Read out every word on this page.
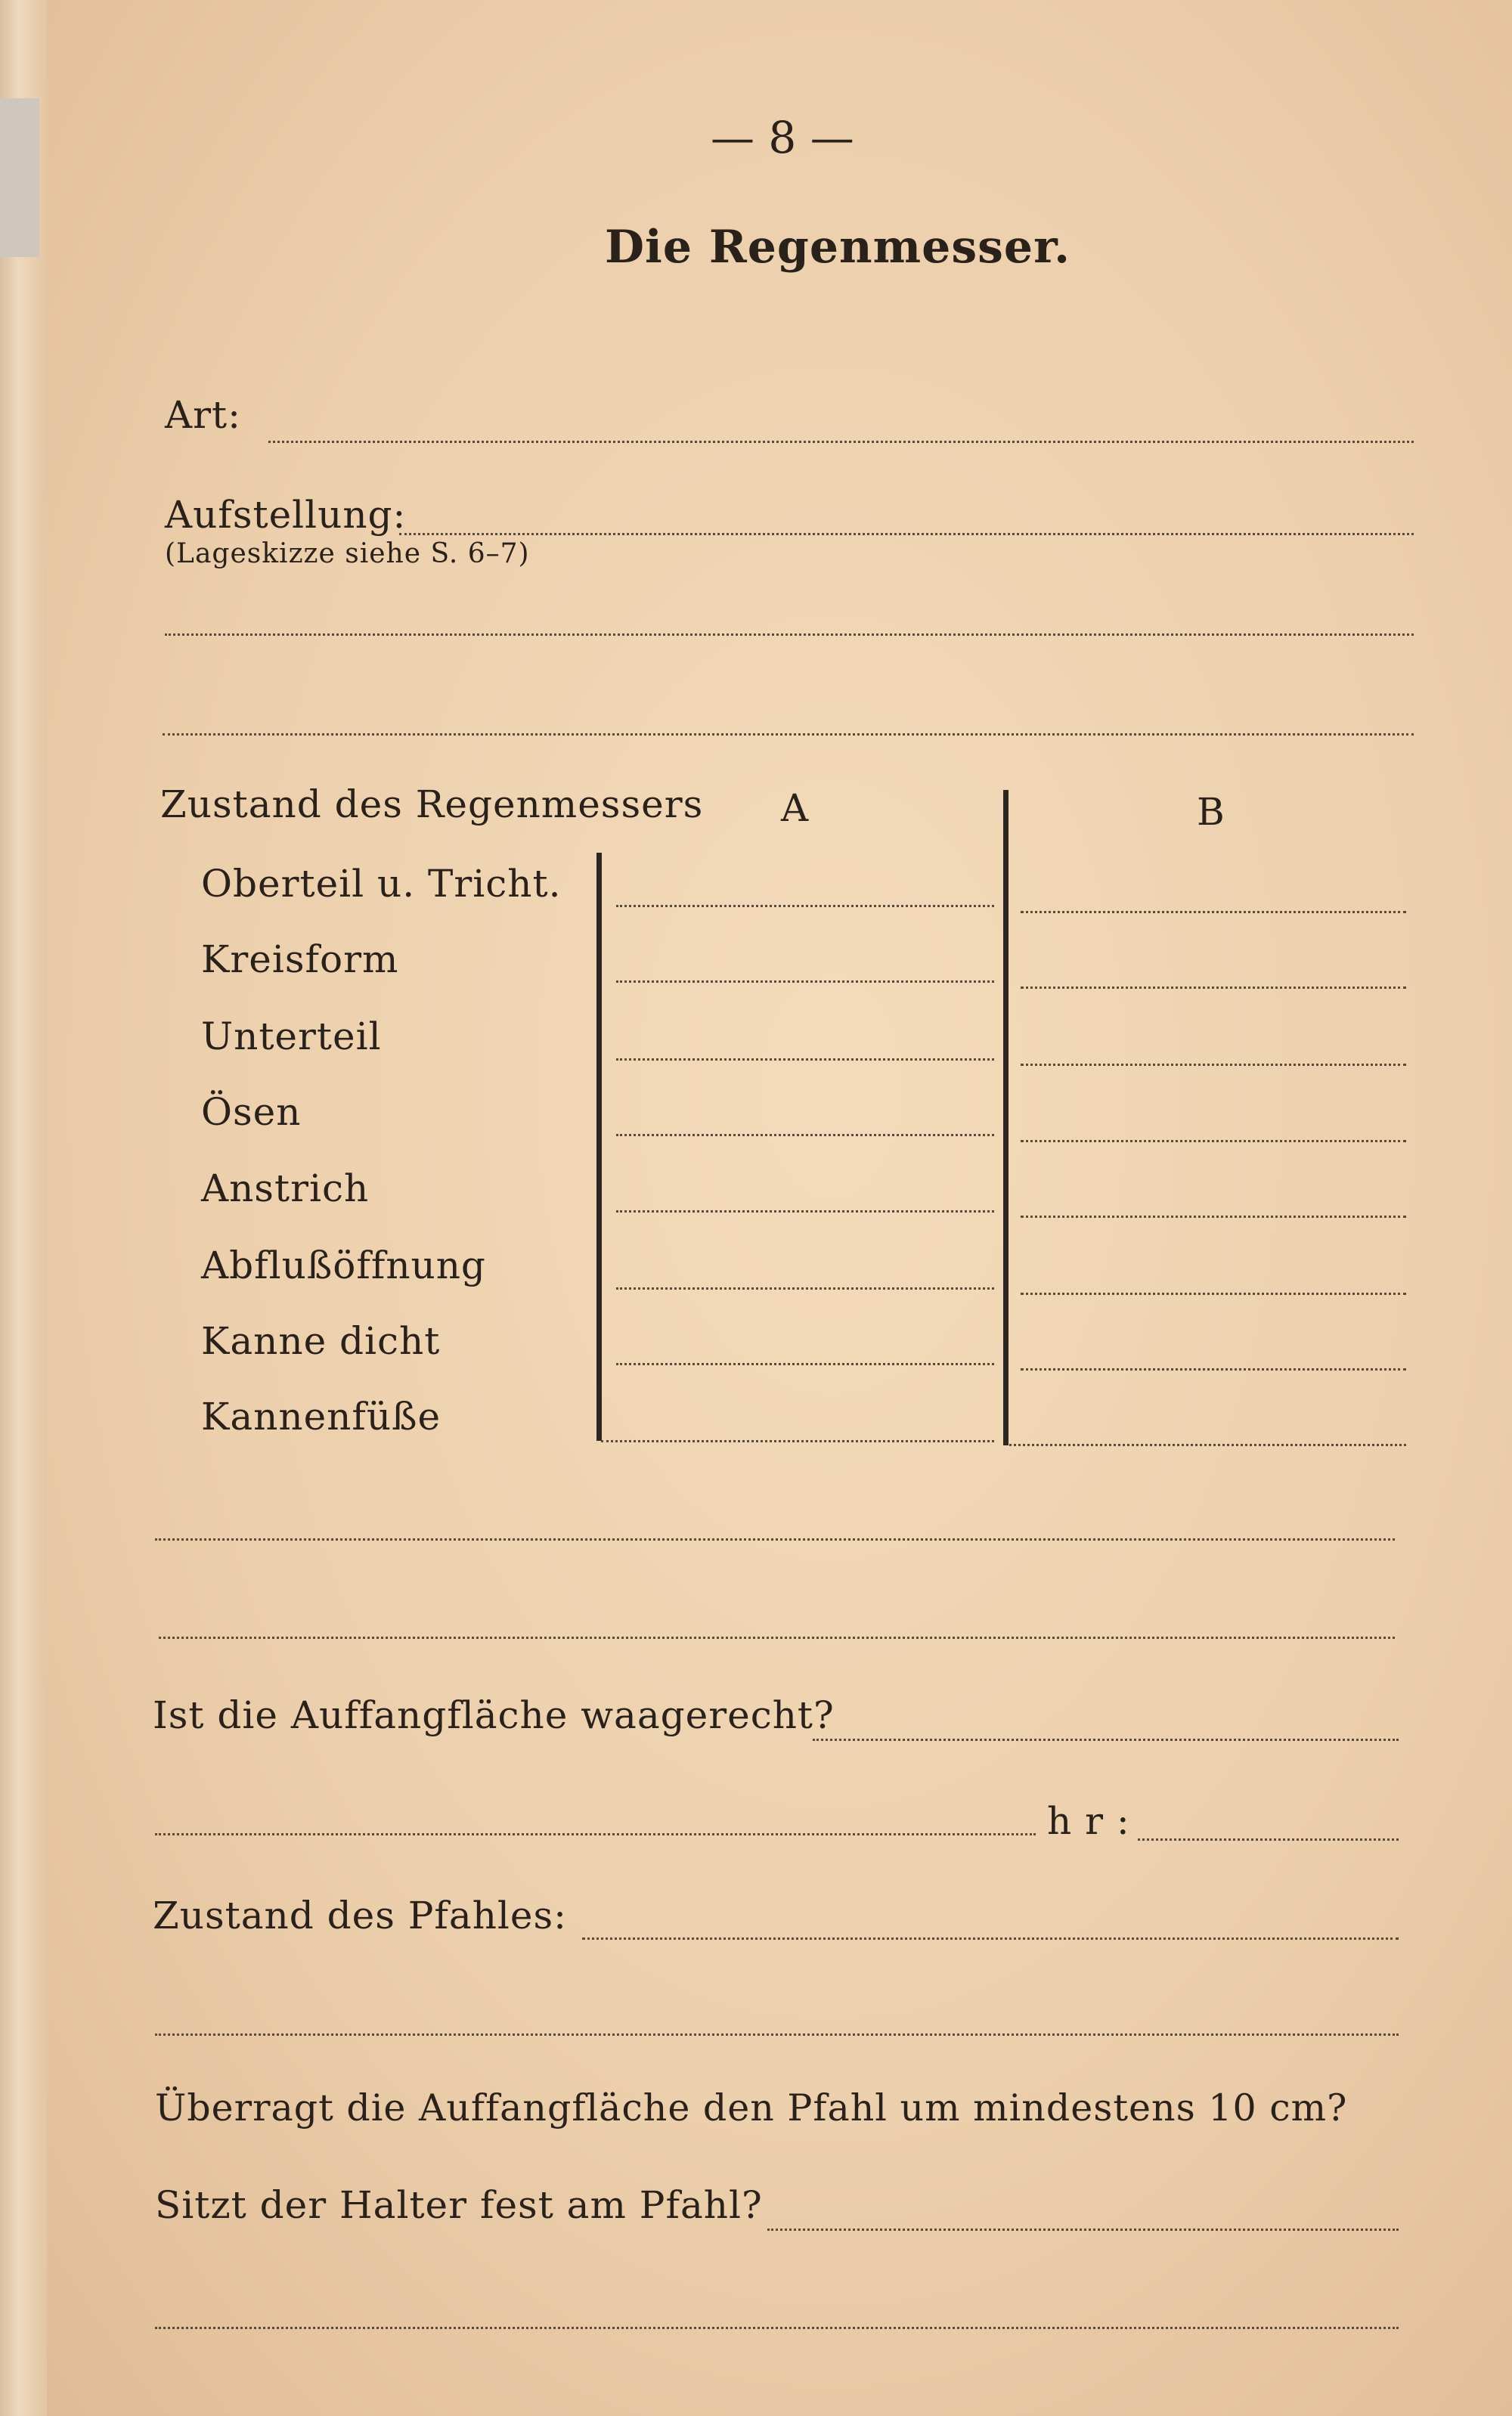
— 8 —
Die Regenmesser.
Art:
Aufstellung:
(Lageskizze siehe S. 6–7)
Zustand des Regenmessers A	B
Oberteil u. Tricht.
Kreisform
Unterteil
Ösen
Anstrich
Abflußöffnung
Kanne dicht
Kannenfüße
Ist die Auffangfläche waagerecht?
h r :
Zustand des Pfahles:
Überragt die Auffangfläche den Pfahl um mindestens 10 cm?
Sitzt der Halter fest am Pfahl?
